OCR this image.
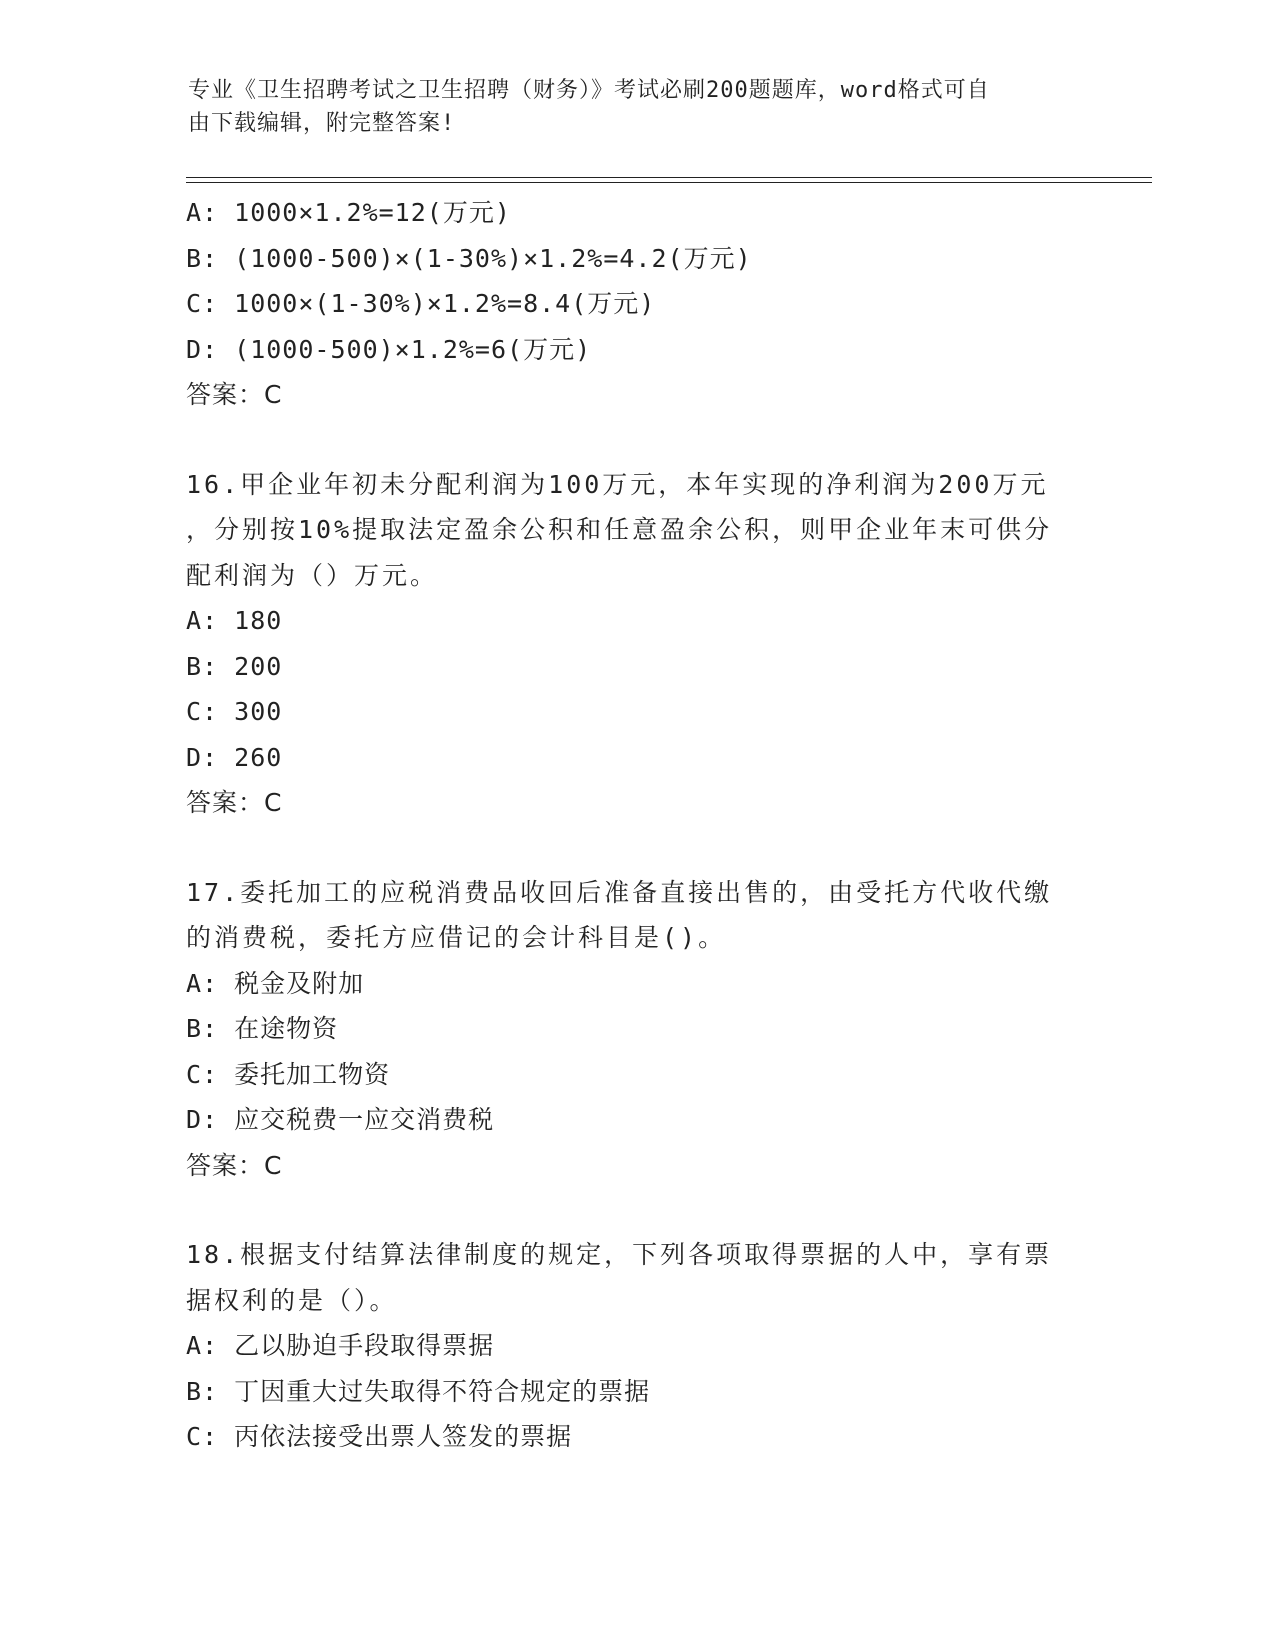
专业《卫生招聘考试之卫生招聘（财务）》考试必刷200题题库，word格式可自
由下载编辑，附完整答案!
A: 1000×1.2%=12(万元)
B: (1000-500)×(1-30%)×1.2%=4.2(万元)
C: 1000×(1-30%)×1.2%=8.4(万元)
D: (1000-500)×1.2%=6(万元)
答案：C
16.甲企业年初未分配利润为100万元，本年实现的净利润为200万元
，分别按10%提取法定盈余公积和任意盈余公积，则甲企业年末可供分
配利润为（）万元。
A: 180
B: 200
C: 300
D: 260
答案：C
17.委托加工的应税消费品收回后准备直接出售的，由受托方代收代缴
的消费税，委托方应借记的会计科目是()。
A: 税金及附加
B: 在途物资
C: 委托加工物资
D: 应交税费一应交消费税
答案：C
18.根据支付结算法律制度的规定，下列各项取得票据的人中，享有票
据权利的是（）。
A: 乙以胁迫手段取得票据
B: 丁因重大过失取得不符合规定的票据
C: 丙依法接受出票人签发的票据
